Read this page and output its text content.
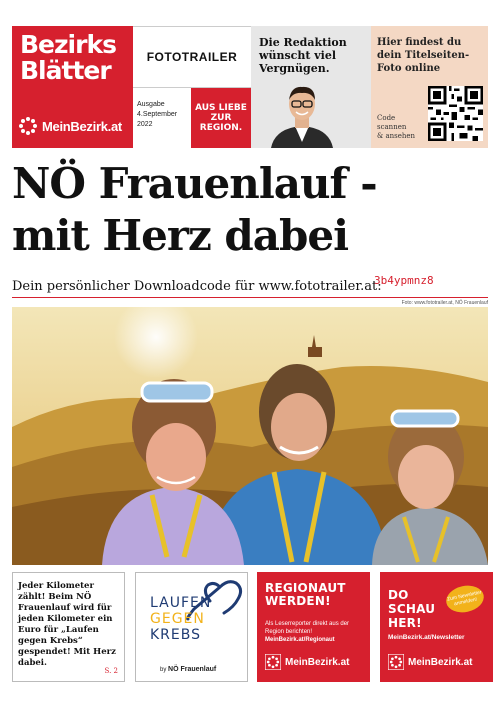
Bezirks
Blätter
MeinBezirk.at
FOTOTRAILER
Ausgabe
4.September
2022
AUS LIEBE
ZUR
REGION.
Die Redaktion wünscht viel Vergnügen.
Hier findest du dein Titelseiten-Foto online
Code
scannen
& ansehen
NÖ Frauenlauf -
mit Herz dabei
Dein persönlicher Downloadcode für www.fototrailer.at:
3b4ypmnz8
Foto: www.fototrailer.at, NÖ Frauenlauf
Jeder Kilometer zählt! Beim NÖ Frauenlauf wird für jeden Kilometer ein Euro für „Laufen gegen Krebs“ gespendet! Mit Herz dabei.
S. 2
LAUFEN
GEGEN
KREBS
by NÖ Frauenlauf
REGIONAUT
WERDEN!
Als Leserreporter direkt aus der Region berichten!
MeinBezirk.at/Regionaut
MeinBezirk.at
DO
SCHAU
HER!
Zum Newsletter anmelden!
MeinBezirk.at/Newsletter
MeinBezirk.at
